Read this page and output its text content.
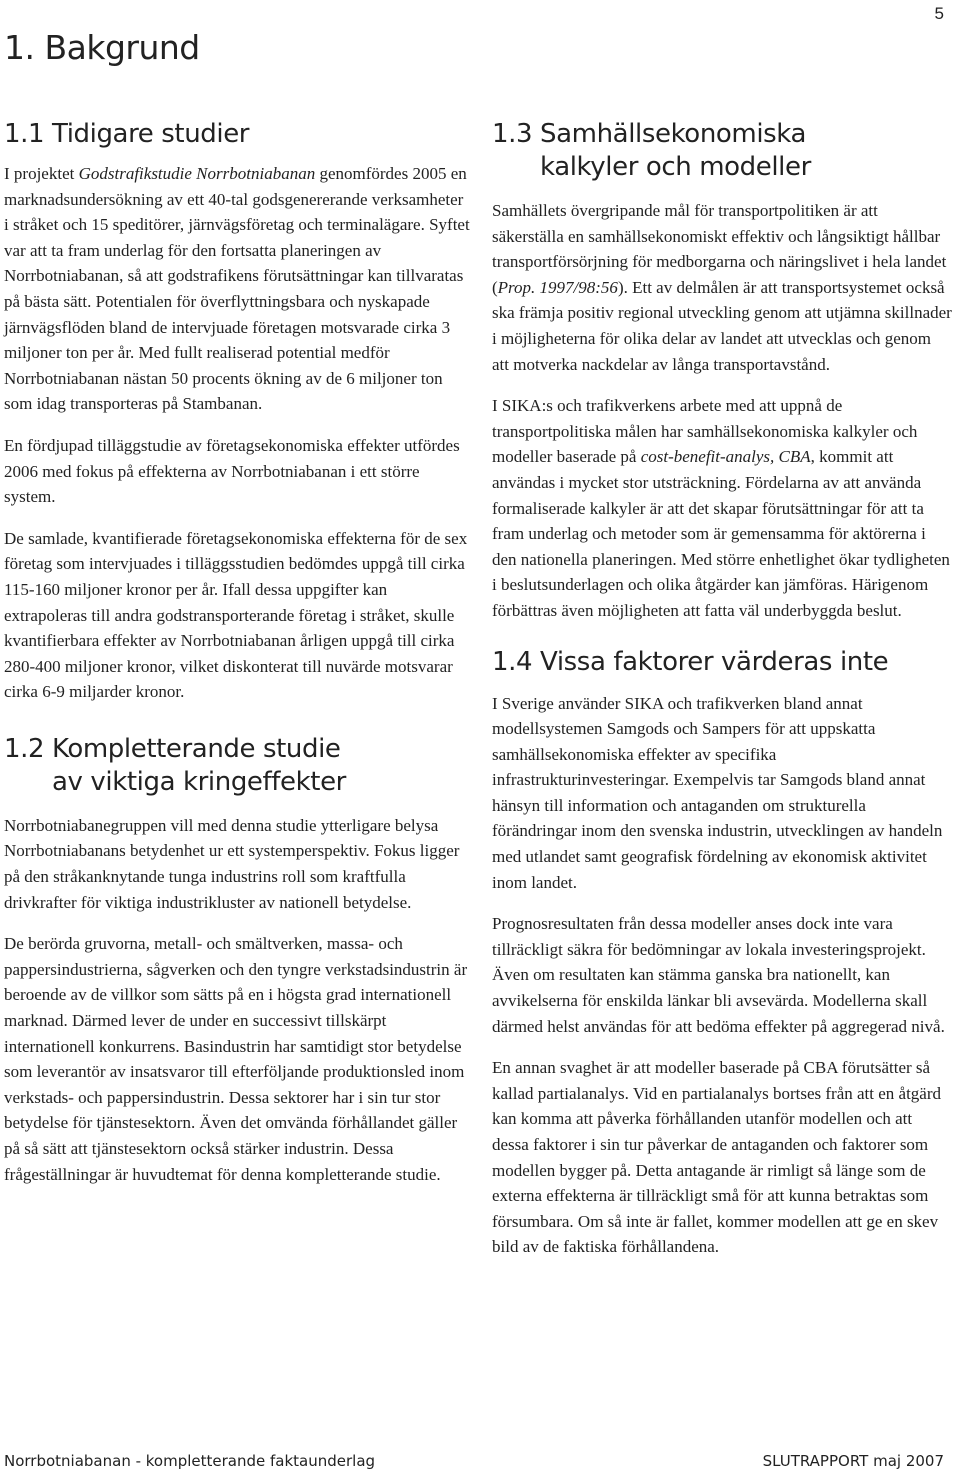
5
1. Bakgrund
1.1 Tidigare studier

I projektet Godstrafikstudie Norrbotniabanan genomfördes 2005 en marknadsundersökning av ett 40-tal godsgenererande verksamheter i stråket och 15 speditörer, järnvägsföretag och terminalägare. Syftet var att ta fram underlag för den fortsatta planeringen av Norrbotniabanan, så att godstrafikens förutsättningar kan tillvaratas på bästa sätt. Potentialen för överflyttningsbara och nyskapade järnvägsflöden bland de intervjuade företagen motsvarade cirka 3 miljoner ton per år. Med fullt realiserad potential medför Norrbotniabanan nästan 50 procents ökning av de 6 miljoner ton som idag transporteras på Stambanan.

En fördjupad tilläggstudie av företagsekonomiska effekter utfördes 2006 med fokus på effekterna av Norrbotniabanan i ett större system.

De samlade, kvantifierade företagsekonomiska effekterna för de sex företag som intervjuades i tilläggsstudien bedömdes uppgå till cirka 115-160 miljoner kronor per år. Ifall dessa uppgifter kan extrapoleras till andra godstransporterande företag i stråket, skulle kvantifierbara effekter av Norrbotniabanan årligen uppgå till cirka 280-400 miljoner kronor, vilket diskonterat till nuvärde motsvarar cirka 6-9 miljarder kronor.

1.2 Kompletterande studie
av viktiga kringeffekter

Norrbotniabanegruppen vill med denna studie ytterligare belysa Norrbotniabanans betydenhet ur ett systemperspektiv. Fokus ligger på den stråkanknytande tunga industrins roll som kraftfulla drivkrafter för viktiga industrikluster av nationell betydelse.

De berörda gruvorna, metall- och smältverken, massa- och pappersindustrierna, sågverken och den tyngre verkstadsindustrin är beroende av de villkor som sätts på en i högsta grad internationell marknad. Därmed lever de under en successivt tillskärpt internationell konkurrens. Basindustrin har samtidigt stor betydelse som leverantör av insatsvaror till efterföljande produktionsled inom verkstads- och pappersindustrin. Dessa sektorer har i sin tur stor betydelse för tjänstesektorn. Även det omvända förhållandet gäller på så sätt att tjänstesektorn också stärker industrin. Dessa frågeställningar är huvudtemat för denna kompletterande studie.

1.3 Samhällsekonomiska
kalkyler och modeller

Samhällets övergripande mål för transportpolitiken är att säkerställa en samhällsekonomiskt effektiv och långsiktigt hållbar transportförsörjning för medborgarna och näringslivet i hela landet (Prop. 1997/98:56). Ett av delmålen är att transportsystemet också ska främja positiv regional utveckling genom att utjämna skillnader i möjligheterna för olika delar av landet att utvecklas och genom att motverka nackdelar av långa transportavstånd.

I SIKA:s och trafikverkens arbete med att uppnå de transportpolitiska målen har samhällsekonomiska kalkyler och modeller baserade på cost-benefit-analys, CBA, kommit att användas i mycket stor utsträckning. Fördelarna av att använda formaliserade kalkyler är att det skapar förutsättningar för att ta fram underlag och metoder som är gemensamma för aktörerna i den nationella planeringen. Med större enhetlighet ökar tydligheten i beslutsunderlagen och olika åtgärder kan jämföras. Härigenom förbättras även möjligheten att fatta väl underbyggda beslut.

1.4 Vissa faktorer värderas inte

I Sverige använder SIKA och trafikverken bland annat modellsystemen Samgods och Sampers för att uppskatta samhällsekonomiska effekter av specifika infrastrukturinvesteringar. Exempelvis tar Samgods bland annat hänsyn till information och antaganden om strukturella förändringar inom den svenska industrin, utvecklingen av handeln med utlandet samt geografisk fördelning av ekonomisk aktivitet inom landet.

Prognosresultaten från dessa modeller anses dock inte vara tillräckligt säkra för bedömningar av lokala investeringsprojekt. Även om resultaten kan stämma ganska bra nationellt, kan avvikelserna för enskilda länkar bli avsevärda. Modellerna skall därmed helst användas för att bedöma effekter på aggregerad nivå.

En annan svaghet är att modeller baserade på CBA förutsätter så kallad partialanalys. Vid en partialanalys bortses från att en åtgärd kan komma att påverka förhållanden utanför modellen och att dessa faktorer i sin tur påverkar de antaganden och faktorer som modellen bygger på. Detta antagande är rimligt så länge som de externa effekterna är tillräckligt små för att kunna betraktas som försumbara. Om så inte är fallet, kommer modellen att ge en skev bild av de faktiska förhållandena.

Norrbotniabanan - kompletterande faktaunderlag	SLUTRAPPORT maj 2007
